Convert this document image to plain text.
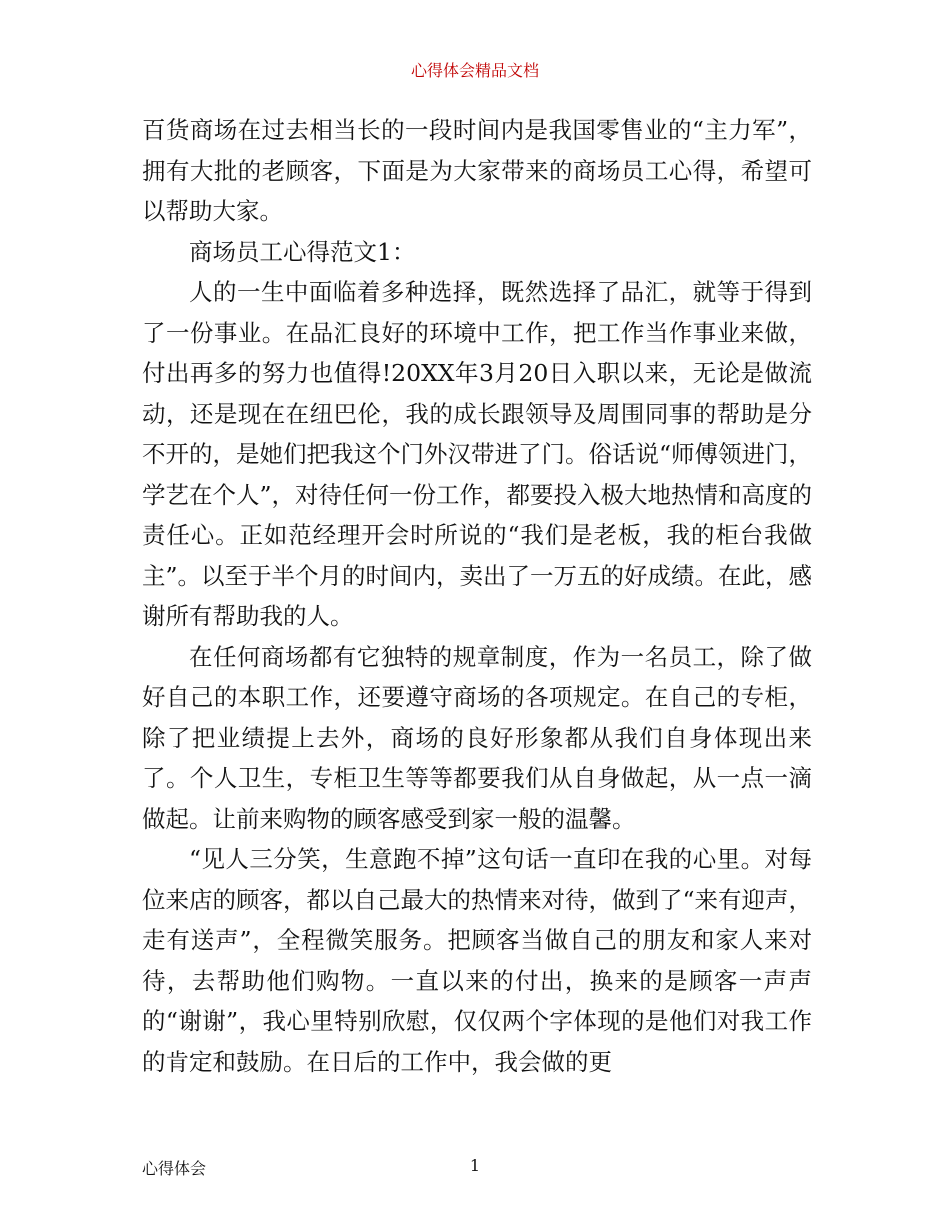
心得体会精品文档

百货商场在过去相当长的一段时间内是我国零售业的“主力军”，拥有大批的老顾客，下面是为大家带来的商场员工心得，希望可以帮助大家。

商场员工心得范文1：

人的一生中面临着多种选择，既然选择了品汇，就等于得到了一份事业。在品汇良好的环境中工作，把工作当作事业来做，付出再多的努力也值得!20XX年3月20日入职以来，无论是做流动，还是现在在纽巴伦，我的成长跟领导及周围同事的帮助是分不开的，是她们把我这个门外汉带进了门。俗话说“师傅领进门，学艺在个人”，对待任何一份工作，都要投入极大地热情和高度的责任心。正如范经理开会时所说的“我们是老板，我的柜台我做主”。以至于半个月的时间内，卖出了一万五的好成绩。在此，感谢所有帮助我的人。

在任何商场都有它独特的规章制度，作为一名员工，除了做好自己的本职工作，还要遵守商场的各项规定。在自己的专柜，除了把业绩提上去外，商场的良好形象都从我们自身体现出来了。个人卫生，专柜卫生等等都要我们从自身做起，从一点一滴做起。让前来购物的顾客感受到家一般的温馨。

“见人三分笑，生意跑不掉”这句话一直印在我的心里。对每位来店的顾客，都以自己最大的热情来对待，做到了“来有迎声，走有送声”，全程微笑服务。把顾客当做自己的朋友和家人来对待，去帮助他们购物。一直以来的付出，换来的是顾客一声声的“谢谢”，我心里特别欣慰，仅仅两个字体现的是他们对我工作的肯定和鼓励。在日后的工作中，我会做的更

心得体会	1
